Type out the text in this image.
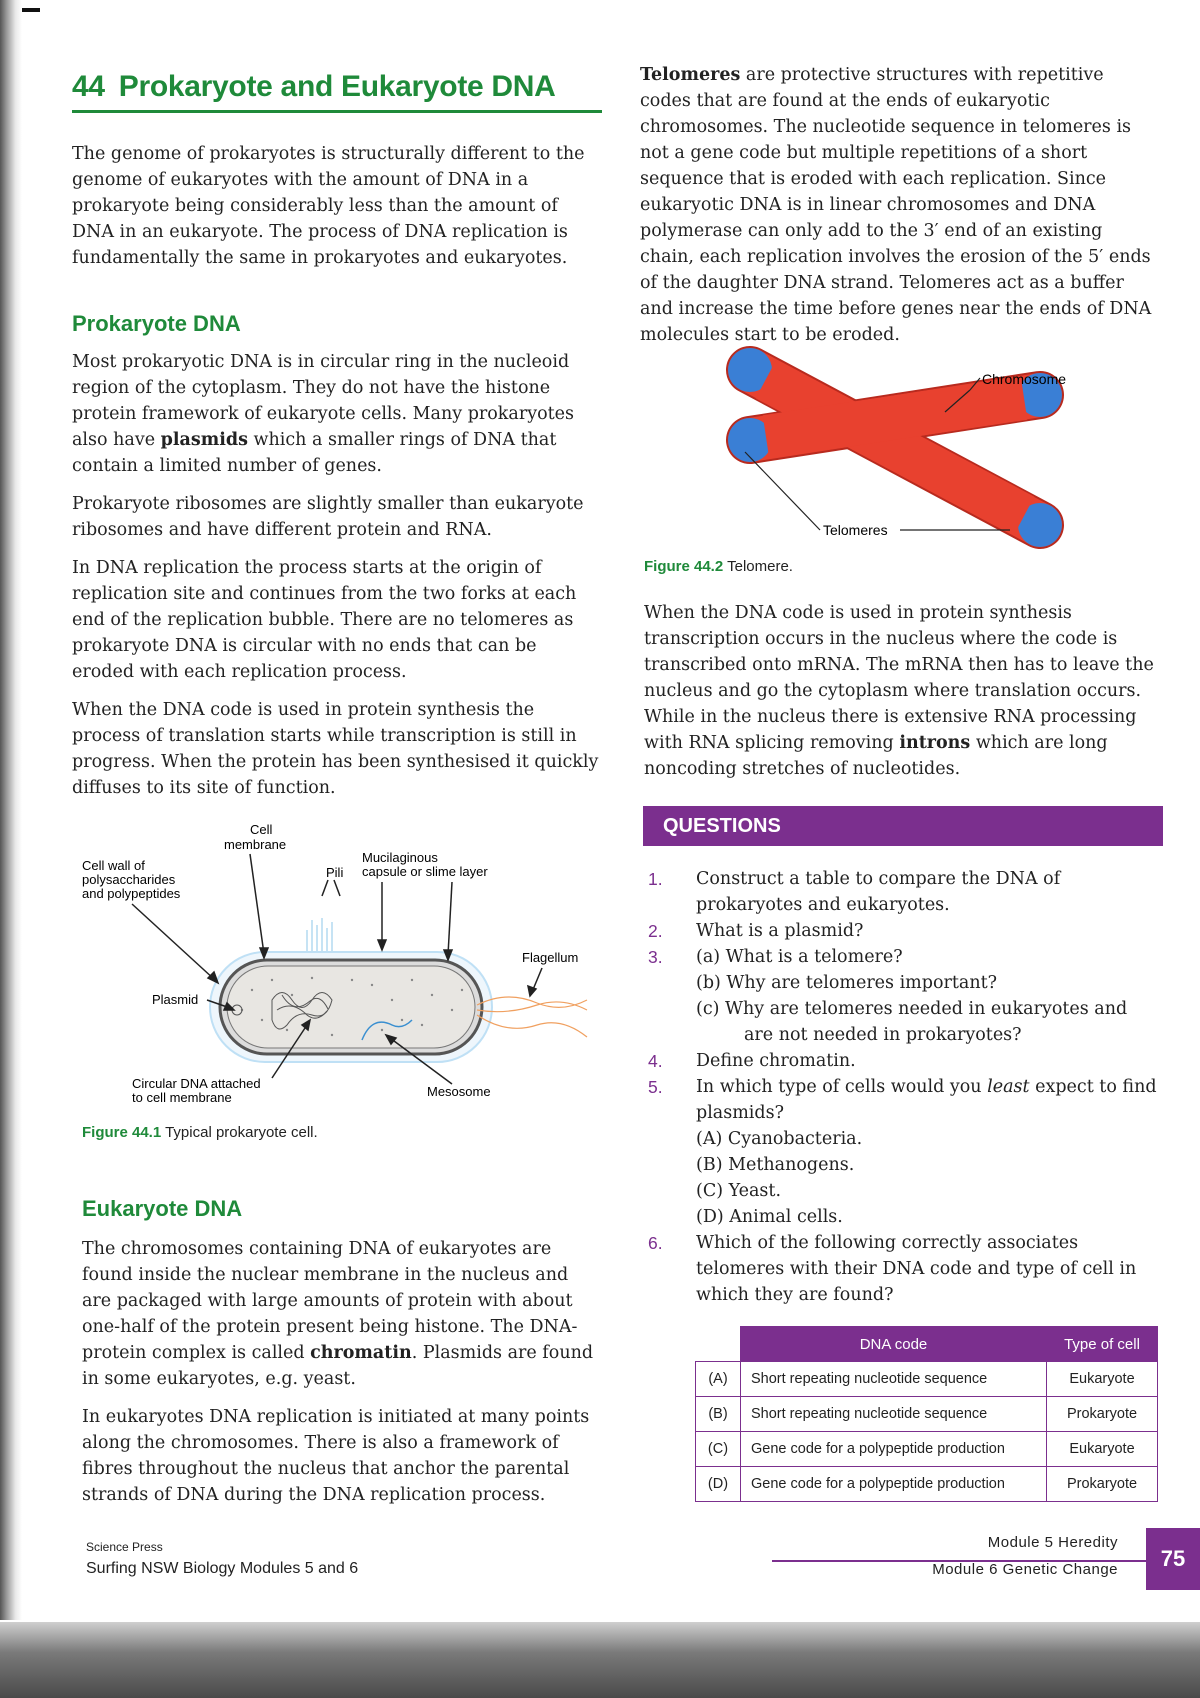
44 Prokaryote and Eukaryote DNA

The genome of prokaryotes is structurally different to the genome of eukaryotes with the amount of DNA in a prokaryote being considerably less than the amount of DNA in an eukaryote. The process of DNA replication is fundamentally the same in prokaryotes and eukaryotes.

Prokaryote DNA

Most prokaryotic DNA is in circular ring in the nucleoid region of the cytoplasm. They do not have the histone protein framework of eukaryote cells. Many prokaryotes also have plasmids which a smaller rings of DNA that contain a limited number of genes.

Prokaryote ribosomes are slightly smaller than eukaryote ribosomes and have different protein and RNA.

In DNA replication the process starts at the origin of replication site and continues from the two forks at each end of the replication bubble. There are no telomeres as prokaryote DNA is circular with no ends that can be eroded with each replication process.

When the DNA code is used in protein synthesis the process of translation starts while transcription is still in progress. When the protein has been synthesised it quickly diffuses to its site of function.

Cell
membrane
Cell wall of
polysaccharides
and polypeptides
Pili
Mucilaginous
capsule or slime layer
Flagellum
Plasmid
Circular DNA attached
to cell membrane	Mesosome
Figure 44.1 Typical prokaryote cell.
Eukaryote DNA

The chromosomes containing DNA of eukaryotes are found inside the nuclear membrane in the nucleus and are packaged with large amounts of protein with about one-half of the protein present being histone. The DNA-protein complex is called chromatin. Plasmids are found in some eukaryotes, e.g. yeast.

In eukaryotes DNA replication is initiated at many points along the chromosomes. There is also a framework of fibres throughout the nucleus that anchor the parental strands of DNA during the DNA replication process.

Telomeres are protective structures with repetitive codes that are found at the ends of eukaryotic chromosomes. The nucleotide sequence in telomeres is not a gene code but multiple repetitions of a short sequence that is eroded with each replication. Since eukaryotic DNA is in linear chromosomes and DNA polymerase can only add to the 3′ end of an existing chain, each replication involves the erosion of the 5′ ends of the daughter DNA strand. Telomeres act as a buffer and increase the time before genes near the ends of DNA molecules start to be eroded.

Chromosome
Telomeres
Figure 44.2 Telomere.

When the DNA code is used in protein synthesis transcription occurs in the nucleus where the code is transcribed onto mRNA. The mRNA then has to leave the nucleus and go the cytoplasm where translation occurs. While in the nucleus there is extensive RNA processing with RNA splicing removing introns which are long noncoding stretches of nucleotides.

QUESTIONS
1. Construct a table to compare the DNA of prokaryotes and eukaryotes.
2. What is a plasmid?
3. (a) What is a telomere?
(b) Why are telomeres important?
(c) Why are telomeres needed in eukaryotes and
are not needed in prokaryotes?
4. Define chromatin.
5. In which type of cells would you least expect to find plasmids?
(A) Cyanobacteria.
(B) Methanogens.
(C) Yeast.
(D) Animal cells.
6. Which of the following correctly associates telomeres with their DNA code and type of cell in which they are found?
	DNA code	Type of cell
(A)	Short repeating nucleotide sequence	Eukaryote
(B)	Short repeating nucleotide sequence	Prokaryote
(C)	Gene code for a polypeptide production	Eukaryote
(D)	Gene code for a polypeptide production	Prokaryote
Science Press
Surfing NSW Biology Modules 5 and 6
Module 5 Heredity
Module 6 Genetic Change	75
